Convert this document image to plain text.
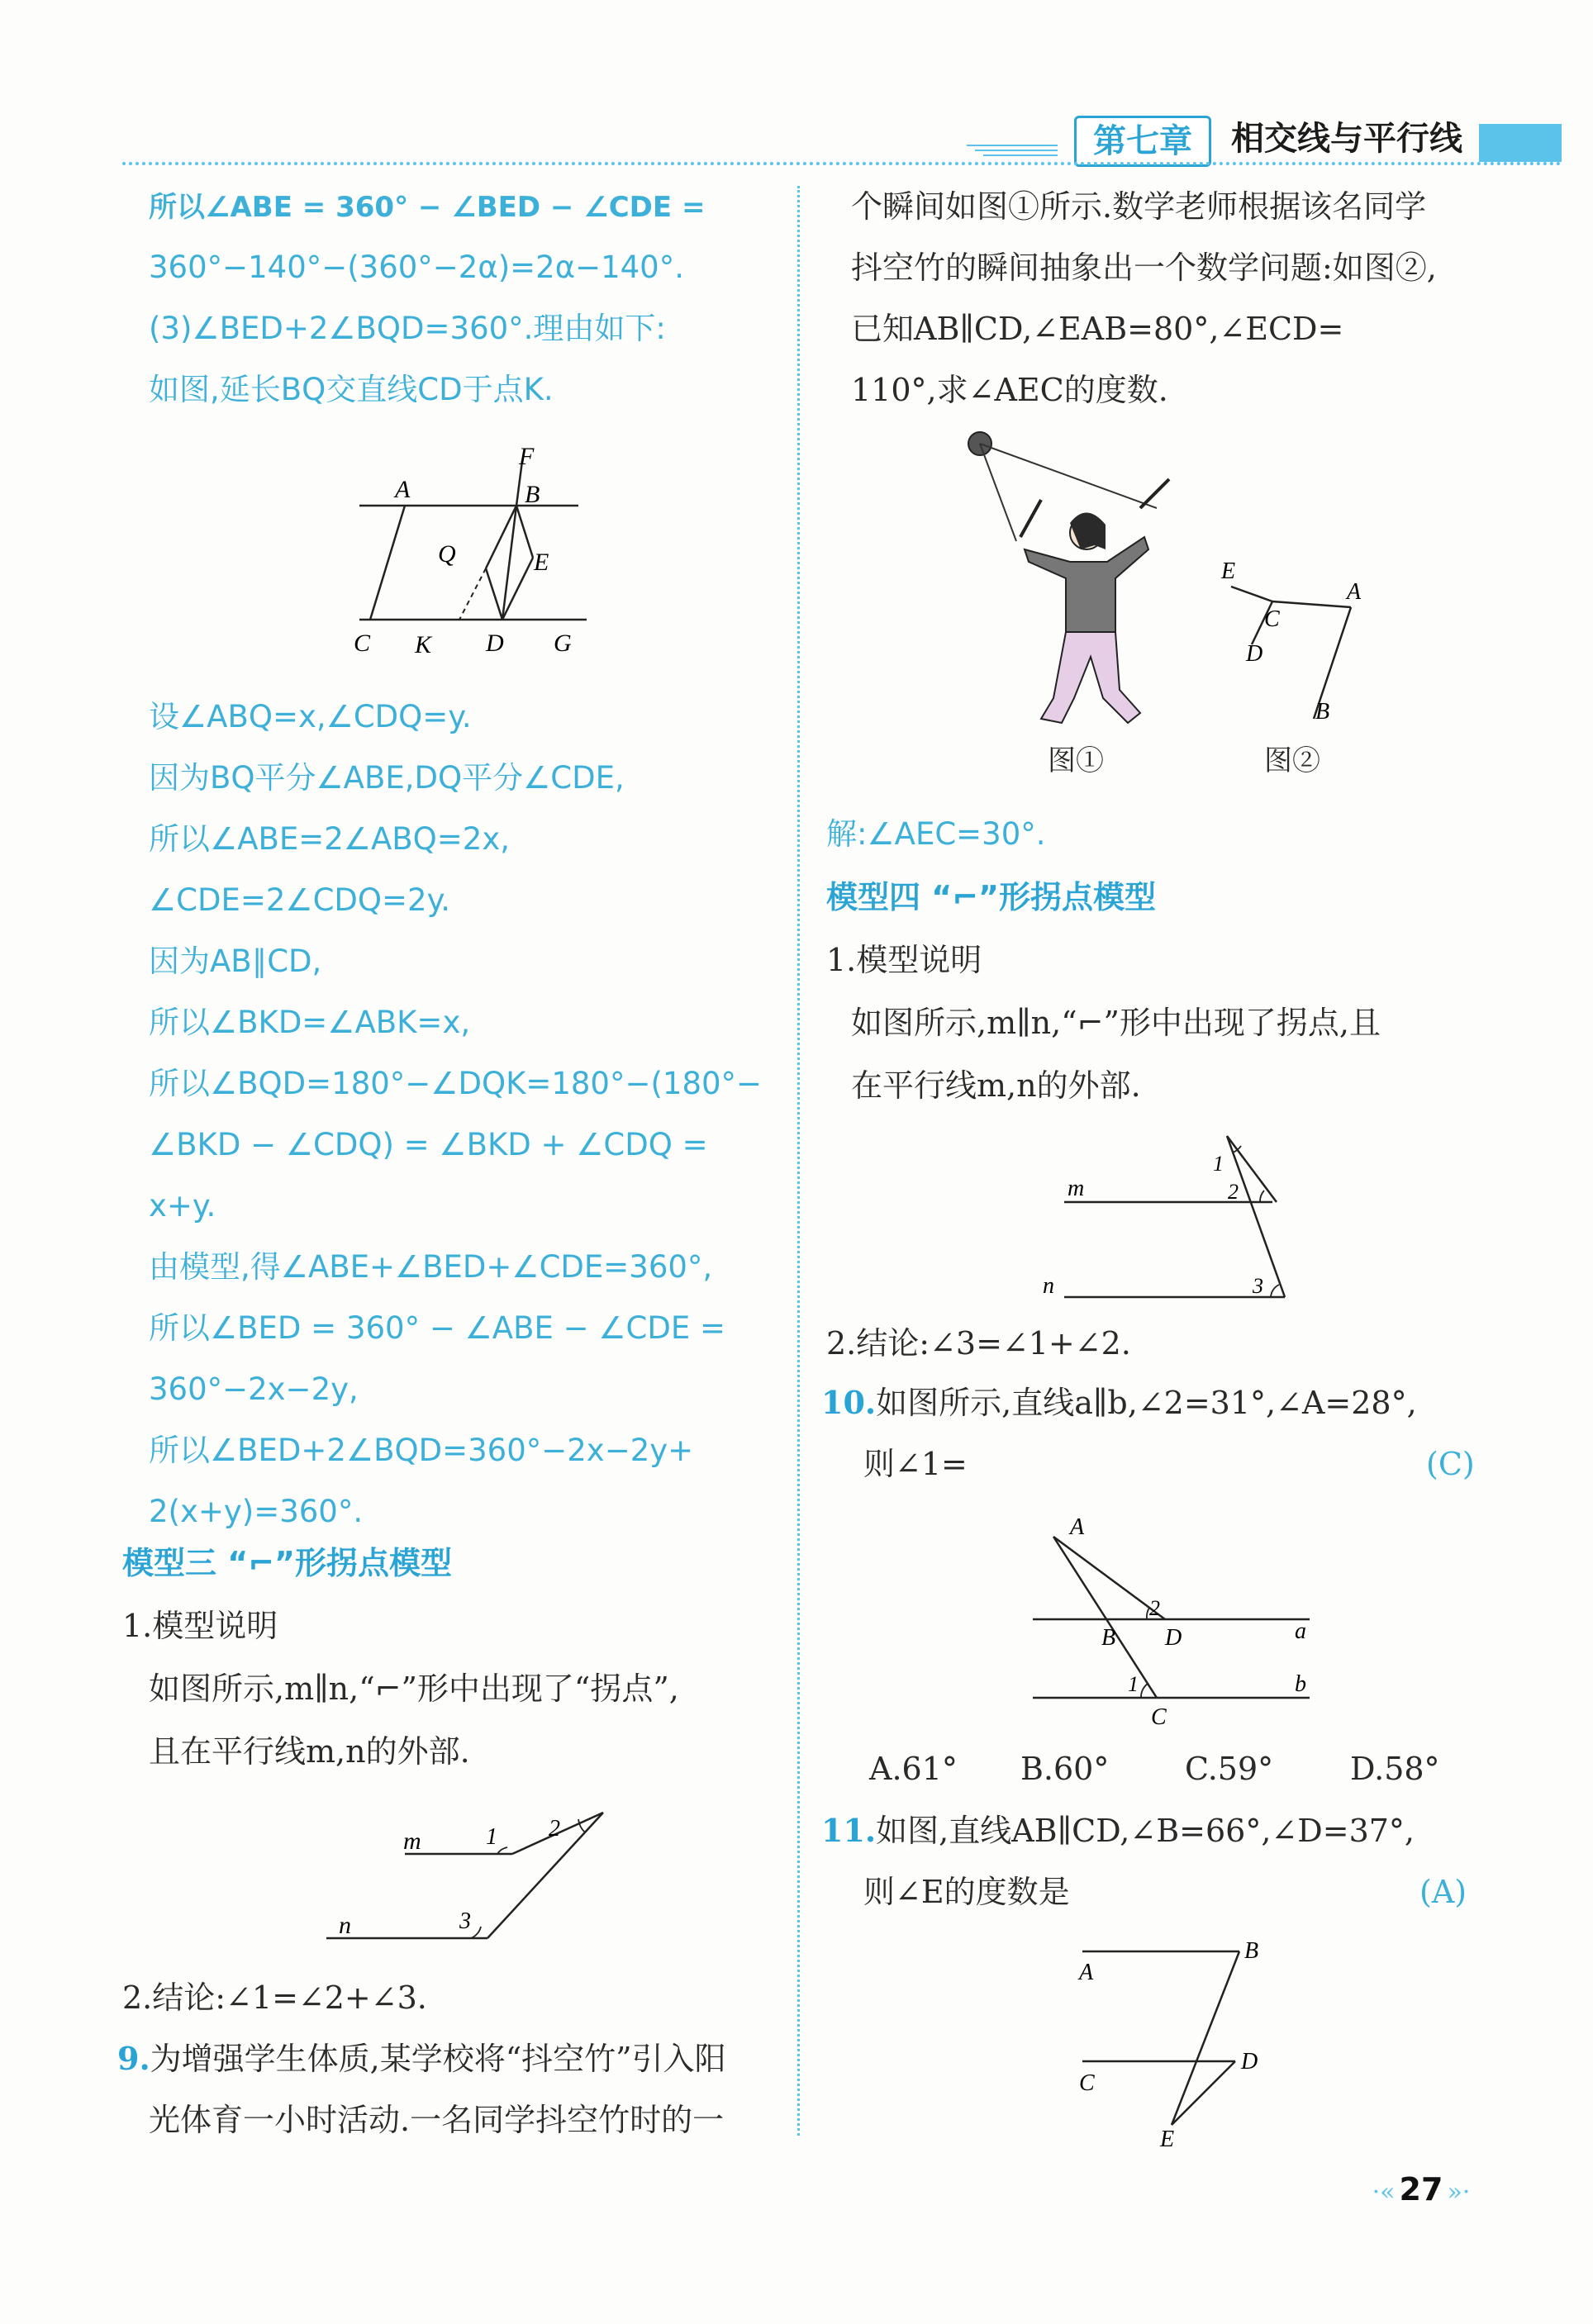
第七章	相交线与平行线
所以∠ABE = 360° − ∠BED − ∠CDE =
360°−140°−(360°−2α)=2α−140°.
(3)∠BED+2∠BQD=360°.理由如下:
如图,延长BQ交直线CD于点K.
A	B
F
Q	E
C K D G
设∠ABQ=x,∠CDQ=y.
因为BQ平分∠ABE,DQ平分∠CDE,
所以∠ABE=2∠ABQ=2x,
∠CDE=2∠CDQ=2y.
因为AB∥CD,
所以∠BKD=∠ABK=x,
所以∠BQD=180°−∠DQK=180°−(180°−
∠BKD − ∠CDQ) = ∠BKD + ∠CDQ =
x+y.
由模型,得∠ABE+∠BED+∠CDE=360°,
所以∠BED = 360° − ∠ABE − ∠CDE =
360°−2x−2y,
所以∠BED+2∠BQD=360°−2x−2y+
2(x+y)=360°.
模型三 “⌐”形拐点模型
1.模型说明
如图所示,m∥n,“⌐”形中出现了“拐点”,
且在平行线m,n的外部.
m
n
1 2
3
2.结论:∠1=∠2+∠3.
9.为增强学生体质,某学校将“抖空竹”引入阳
光体育一小时活动.一名同学抖空竹时的一
个瞬间如图①所示.数学老师根据该名同学
抖空竹的瞬间抽象出一个数学问题:如图②,
已知AB∥CD,∠EAB=80°,∠ECD=
110°,求∠AEC的度数.
E
C
D
A
B
图①	图②
解:∠AEC=30°.
模型四 “⌐”形拐点模型
1.模型说明
如图所示,m∥n,“⌐”形中出现了拐点,且
在平行线m,n的外部.
m
n
1
2
3
2.结论:∠3=∠1+∠2.
10.如图所示,直线a∥b,∠2=31°,∠A=28°,
则∠1=	(C)
A
B D
C
a
b
2
1
A.61° B.60° C.59° D.58°
11.如图,直线AB∥CD,∠B=66°,∠D=37°,
则∠E的度数是	(A)
A
B
C
D
E
·« 27 »·
